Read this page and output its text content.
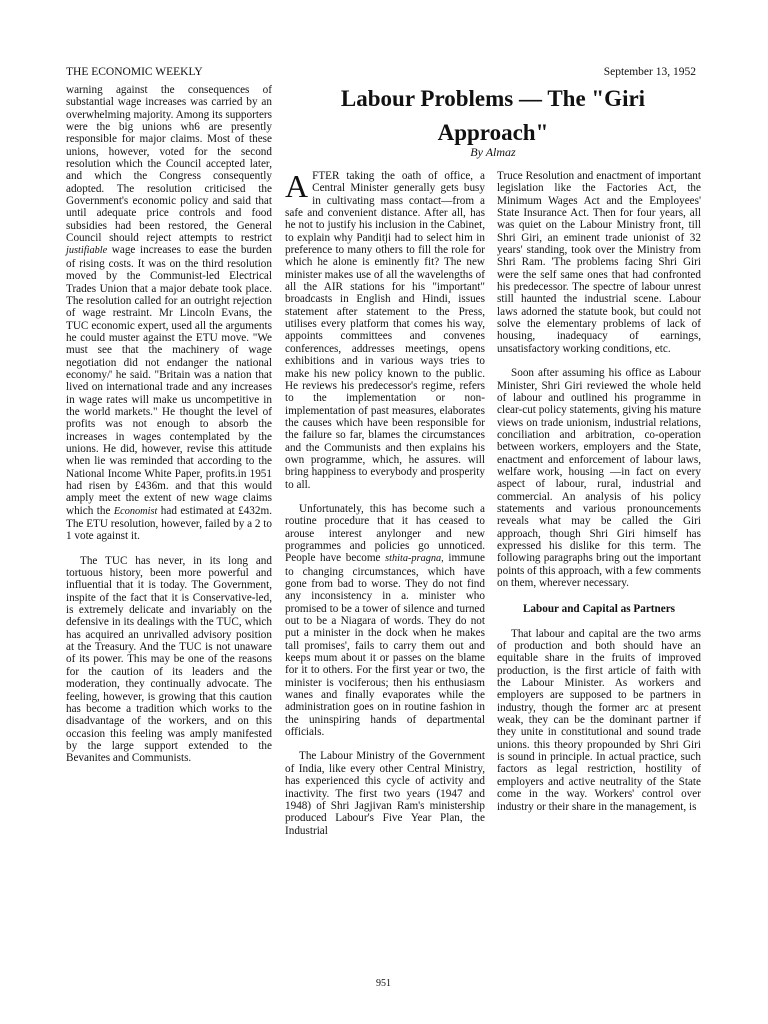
THE ECONOMIC WEEKLY	September 13, 1952

warning against the consequences of substantial wage increases was carried by an overwhelming majority. Among its supporters were the big unions wh6 are presently responsible for major claims. Most of these unions, however, voted for the second resolution which the Council accepted later, and which the Congress consequently adopted. The resolution criticised the Government's economic policy and said that until adequate price controls and food subsidies had been restored, the General Council should reject attempts to restrict justifiable wage increases to ease the burden of rising costs. It was on the third resolution moved by the Communist-led Electrical Trades Union that a major debate took place. The resolution called for an outright rejection of wage restraint. Mr Lincoln Evans, the TUC economic expert, used all the arguments he could muster against the ETU move. "We must see that the machinery of wage negotiation did not endanger the national economy/' he said. "Britain was a nation that lived on international trade and any increases in wage rates will make us uncompetitive in the world markets." He thought the level of profits was not enough to absorb the increases in wages contemplated by the unions. He did, however, revise this attitude when lie was reminded that according to the National Income White Paper, profits.in 1951 had risen by £436m. and that this would amply meet the extent of new wage claims which the Economist had estimated at £432m. The ETU resolution, however, failed by a 2 to 1 vote against it.

The TUC has never, in its long and tortuous history, been more powerful and influential that it is today. The Government, inspite of the fact that it is Conservative-led, is extremely delicate and invariably on the defensive in its dealings with the TUC, which has acquired an unrivalled advisory position at the Treasury. And the TUC is not unaware of its power. This may be one of the reasons for the caution of its leaders and the moderation, they continually advocate. The feeling, however, is growing that this caution has become a tradition which works to the disadvantage of the workers, and on this occasion this feeling was amply manifested by the large support extended to the Bevanites and Communists.

Labour Problems — The "Giri Approach"
By Almaz

AFTER taking the oath of office, a Central Minister generally gets busy in cultivating mass contact—from a safe and convenient distance. After all, has he not to justify his inclusion in the Cabinet, to explain why Panditji had to select him in preference to many others to fill the role for which he alone is eminently fit? The new minister makes use of all the wavelengths of all the AIR stations for his "important" broadcasts in English and Hindi, issues statement after statement to the Press, utilises every platform that comes his way, appoints committees and convenes conferences, addresses meetings, opens exhibitions and in various ways tries to make his new policy known to the public. He reviews his predecessor's regime, refers to the implementation or non-implementation of past measures, elaborates the causes which have been responsible for the failure so far, blames the circumstances and the Communists and then explains his own programme, which, he assures. will bring happiness to everybody and prosperity to all.

Unfortunately, this has become such a routine procedure that it has ceased to arouse interest anylonger and new programmes and policies go unnoticed. People have become sthita-pragna, immune to changing circumstances, which have gone from bad to worse. They do not find any inconsistency in a. minister who promised to be a tower of silence and turned out to be a Niagara of words. They do not put a minister in the dock when he makes tall promises', fails to carry them out and keeps mum about it or passes on the blame for it to others. For the first year or two, the minister is vociferous; then his enthusiasm wanes and finally evaporates while the administration goes on in routine fashion in the uninspiring hands of departmental officials.

The Labour Ministry of the Government of India, like every other Central Ministry, has experienced this cycle of activity and inactivity. The first two years (1947 and 1948) of Shri Jagjivan Ram's ministership produced Labour's Five Year Plan, the Industrial

Truce Resolution and enactment of important legislation like the Factories Act, the Minimum Wages Act and the Employees' State Insurance Act. Then for four years, all was quiet on the Labour Ministry front, till Shri Giri, an eminent trade unionist of 32 years' standing, took over the Ministry from Shri Ram. 'The problems facing Shri Giri were the self same ones that had confronted his predecessor. The spectre of labour unrest still haunted the industrial scene. Labour laws adorned the statute book, but could not solve the elementary problems of lack of housing, inadequacy of earnings, unsatisfactory working conditions, etc.

Soon after assuming his office as Labour Minister, Shri Giri reviewed the whole held of labour and outlined his programme in clear-cut policy statements, giving his mature views on trade unionism, industrial relations, conciliation and arbitration, co-operation between workers, employers and the State, enactment and enforcement of labour laws, welfare work, housing —in fact on every aspect of labour, rural, industrial and commercial. An analysis of his policy statements and various pronouncements reveals what may be called the Giri approach, though Shri Giri himself has expressed his dislike for this term. The following paragraphs bring out the important points of this approach, with a few comments on them, wherever necessary.

Labour and Capital as Partners

That labour and capital are the two arms of production and both should have an equitable share in the fruits of improved production, is the first article of faith with the Labour Minister. As workers and employers are supposed to be partners in industry, though the former arc at present weak, they can be the dominant partner if they unite in constitutional and sound trade unions. this theory propounded by Shri Giri is sound in principle. In actual practice, such factors as legal restriction, hostility of employers and active neutrality of the State come in the way. Workers' control over industry or their share in the management, is

951
